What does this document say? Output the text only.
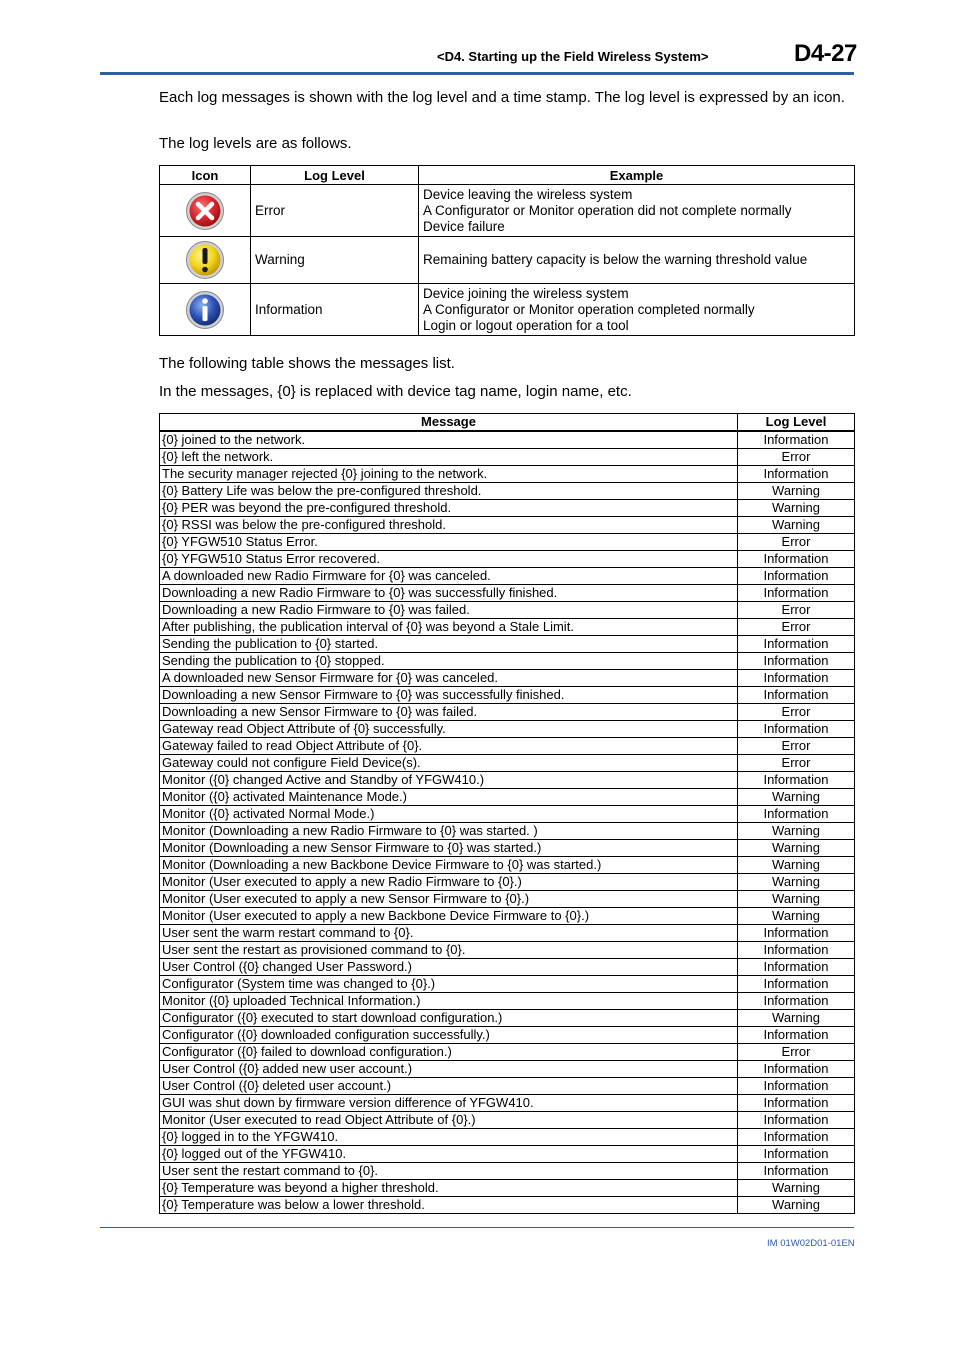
<D4. Starting up the Field Wireless System>	D4-27
Each log messages is shown with the log level and a time stamp. The log level is expressed by an icon.
The log levels are as follows.
Icon	Log Level	Example
	Error	Device leaving the wireless system
A Configurator or Monitor operation did not complete normally
Device failure

	Warning	Remaining battery capacity is below the warning threshold value

	Information	Device joining the wireless system
A Configurator or Monitor operation completed normally
Login or logout operation for a tool
The following table shows the messages list.
In the messages, {0} is replaced with device tag name, login name, etc.
Message	Log Level
{0} joined to the network.	Information
{0} left the network.	Error
The security manager rejected {0} joining to the network.	Information
{0} Battery Life was below the pre-configured threshold.	Warning
{0} PER was beyond the pre-configured threshold.	Warning
{0} RSSI was below the pre-configured threshold.	Warning
{0} YFGW510 Status Error.	Error
{0} YFGW510 Status Error recovered.	Information
A downloaded new Radio Firmware for {0} was canceled.	Information
Downloading a new Radio Firmware to {0} was successfully finished.	Information
Downloading a new Radio Firmware to {0} was failed.	Error
After publishing, the publication interval of {0} was beyond a Stale Limit.	Error
Sending the publication to {0} started.	Information
Sending the publication to {0} stopped.	Information
A downloaded new Sensor Firmware for {0} was canceled.	Information
Downloading a new Sensor Firmware to {0} was successfully finished.	Information
Downloading a new Sensor Firmware to {0} was failed.	Error
Gateway read Object Attribute of {0} successfully.	Information
Gateway failed to read Object Attribute of {0}.	Error
Gateway could not configure Field Device(s).	Error
Monitor ({0} changed Active and Standby of YFGW410.)	Information
Monitor ({0} activated Maintenance Mode.)	Warning
Monitor ({0} activated Normal Mode.)	Information
Monitor (Downloading a new Radio Firmware to {0} was started. )	Warning
Monitor (Downloading a new Sensor Firmware to {0} was started.)	Warning
Monitor (Downloading a new Backbone Device Firmware to {0} was started.)	Warning
Monitor (User executed to apply a new Radio Firmware to {0}.)	Warning
Monitor (User executed to apply a new Sensor Firmware to {0}.)	Warning
Monitor (User executed to apply a new Backbone Device Firmware to {0}.)	Warning
User sent the warm restart command to {0}.	Information
User sent the restart as provisioned command to {0}.	Information
User Control ({0} changed User Password.)	Information
Configurator (System time was changed to {0}.)	Information
Monitor ({0} uploaded Technical Information.)	Information
Configurator ({0} executed to start download configuration.)	Warning
Configurator ({0} downloaded configuration successfully.)	Information
Configurator ({0} failed to download configuration.)	Error
User Control ({0} added new user account.)	Information
User Control ({0} deleted user account.)	Information
GUI was shut down by firmware version difference of YFGW410.	Information
Monitor (User executed to read Object Attribute of {0}.)	Information
{0} logged in to the YFGW410.	Information
{0} logged out of the YFGW410.	Information
User sent the restart command to {0}.	Information
{0} Temperature was beyond a higher threshold.	Warning
{0} Temperature was below a lower threshold.	Warning
IM 01W02D01-01EN
